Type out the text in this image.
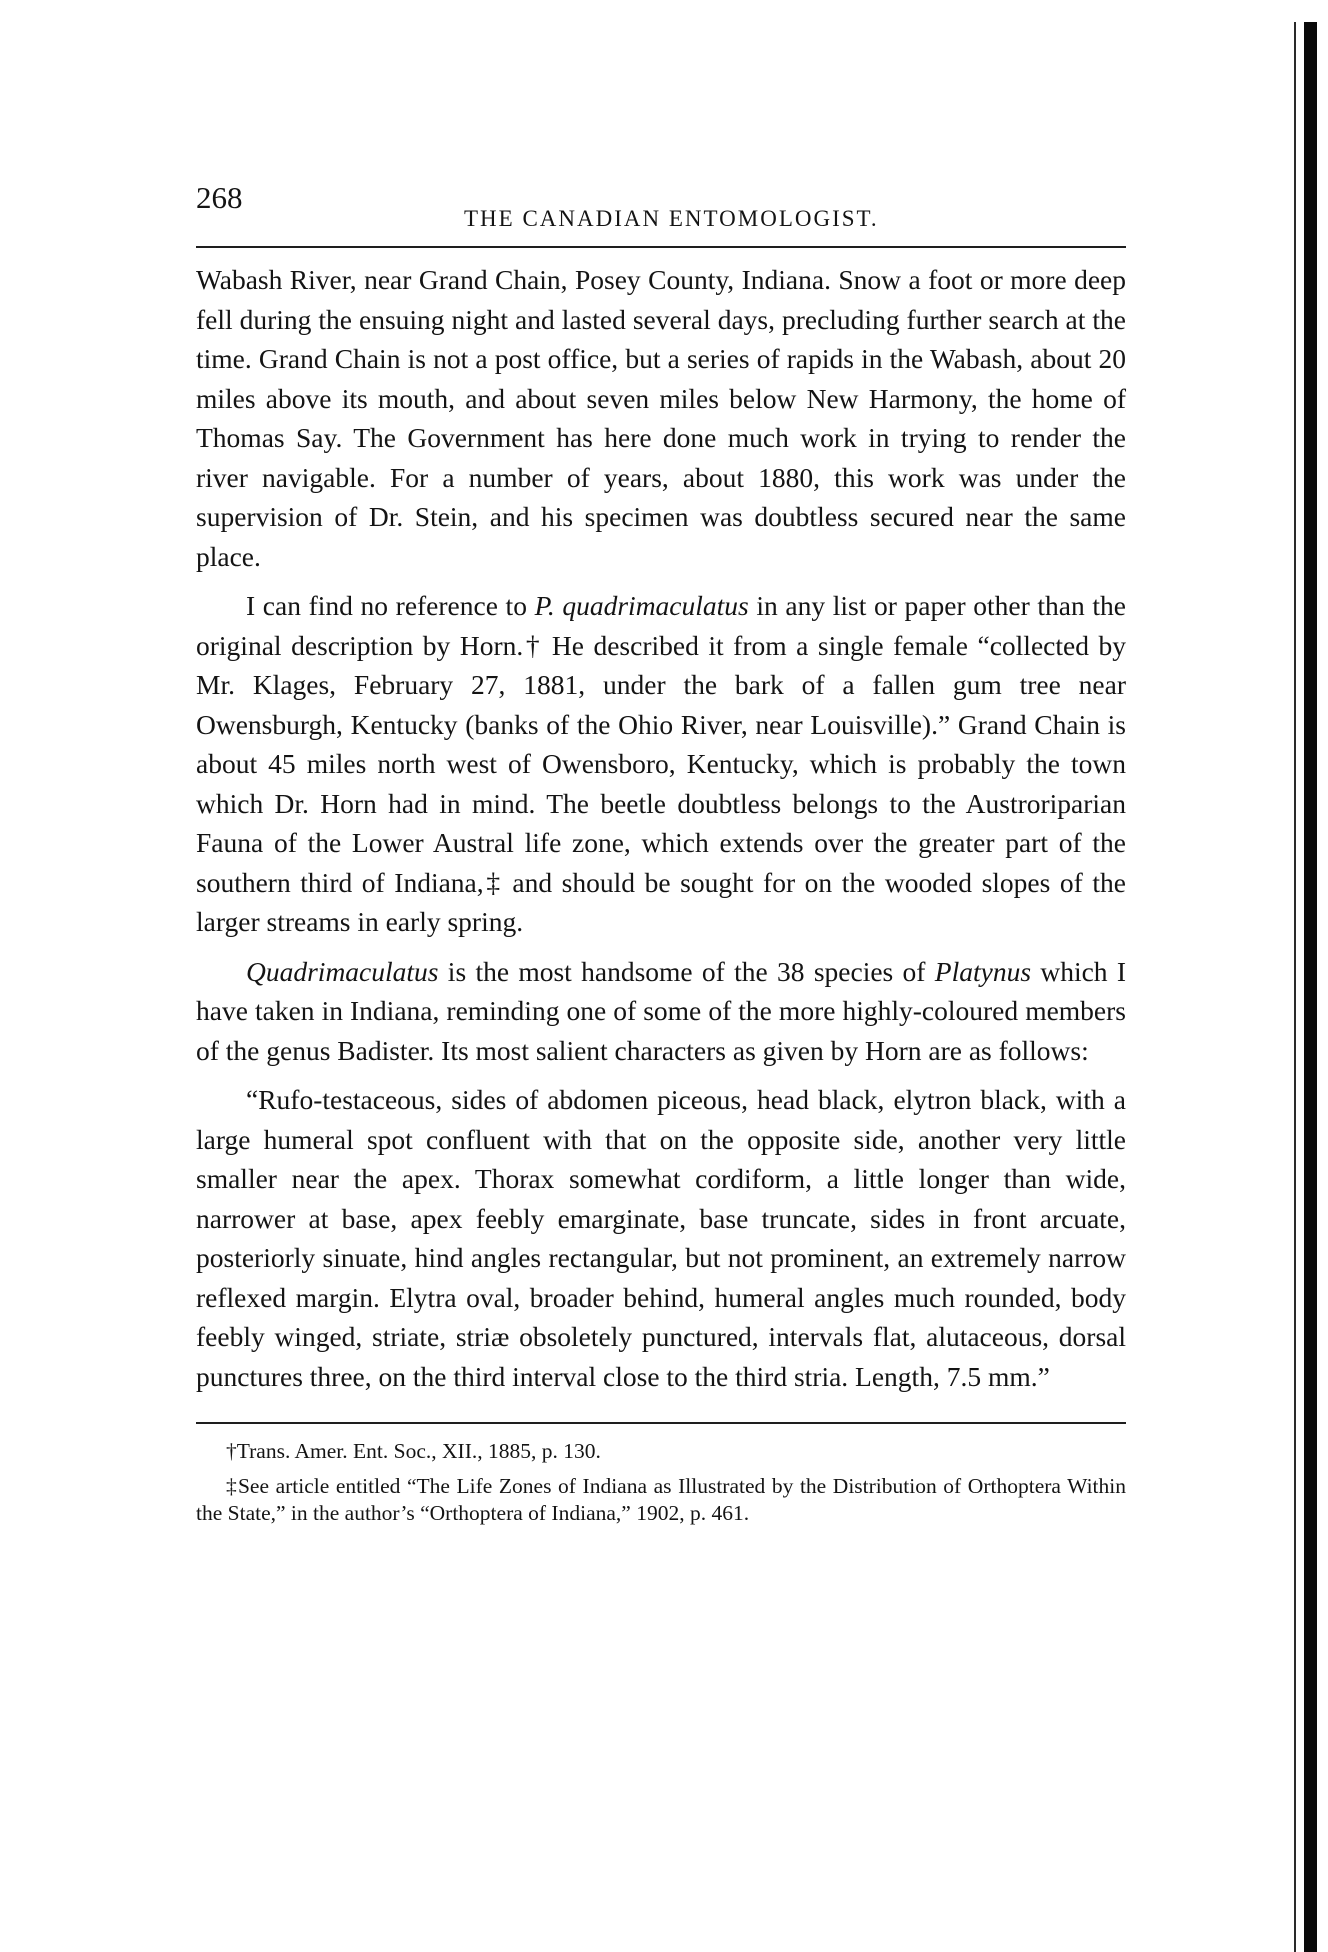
268
THE CANADIAN ENTOMOLOGIST.

Wabash River, near Grand Chain, Posey County, Indiana. Snow a foot or more deep fell during the ensuing night and lasted several days, precluding further search at the time. Grand Chain is not a post office, but a series of rapids in the Wabash, about 20 miles above its mouth, and about seven miles below New Harmony, the home of Thomas Say. The Government has here done much work in trying to render the river navigable. For a number of years, about 1880, this work was under the supervision of Dr. Stein, and his specimen was doubtless secured near the same place.

I can find no reference to P. quadrimaculatus in any list or paper other than the original description by Horn.† He described it from a single female “collected by Mr. Klages, February 27, 1881, under the bark of a fallen gum tree near Owensburgh, Kentucky (banks of the Ohio River, near Louisville).” Grand Chain is about 45 miles north west of Owensboro, Kentucky, which is probably the town which Dr. Horn had in mind. The beetle doubtless belongs to the Austroriparian Fauna of the Lower Austral life zone, which extends over the greater part of the southern third of Indiana,‡ and should be sought for on the wooded slopes of the larger streams in early spring.

Quadrimaculatus is the most handsome of the 38 species of Platynus which I have taken in Indiana, reminding one of some of the more highly-coloured members of the genus Badister. Its most salient characters as given by Horn are as follows:

“Rufo-testaceous, sides of abdomen piceous, head black, elytron black, with a large humeral spot confluent with that on the opposite side, another very little smaller near the apex. Thorax somewhat cordiform, a little longer than wide, narrower at base, apex feebly emarginate, base truncate, sides in front arcuate, posteriorly sinuate, hind angles rectangular, but not prominent, an extremely narrow reflexed margin. Elytra oval, broader behind, humeral angles much rounded, body feebly winged, striate, striæ obsoletely punctured, intervals flat, alutaceous, dorsal punctures three, on the third interval close to the third stria. Length, 7.5 mm.”

†Trans. Amer. Ent. Soc., XII., 1885, p. 130.

‡See article entitled “The Life Zones of Indiana as Illustrated by the Distribution of Orthoptera Within the State,” in the author’s “Orthoptera of Indiana,” 1902, p. 461.
